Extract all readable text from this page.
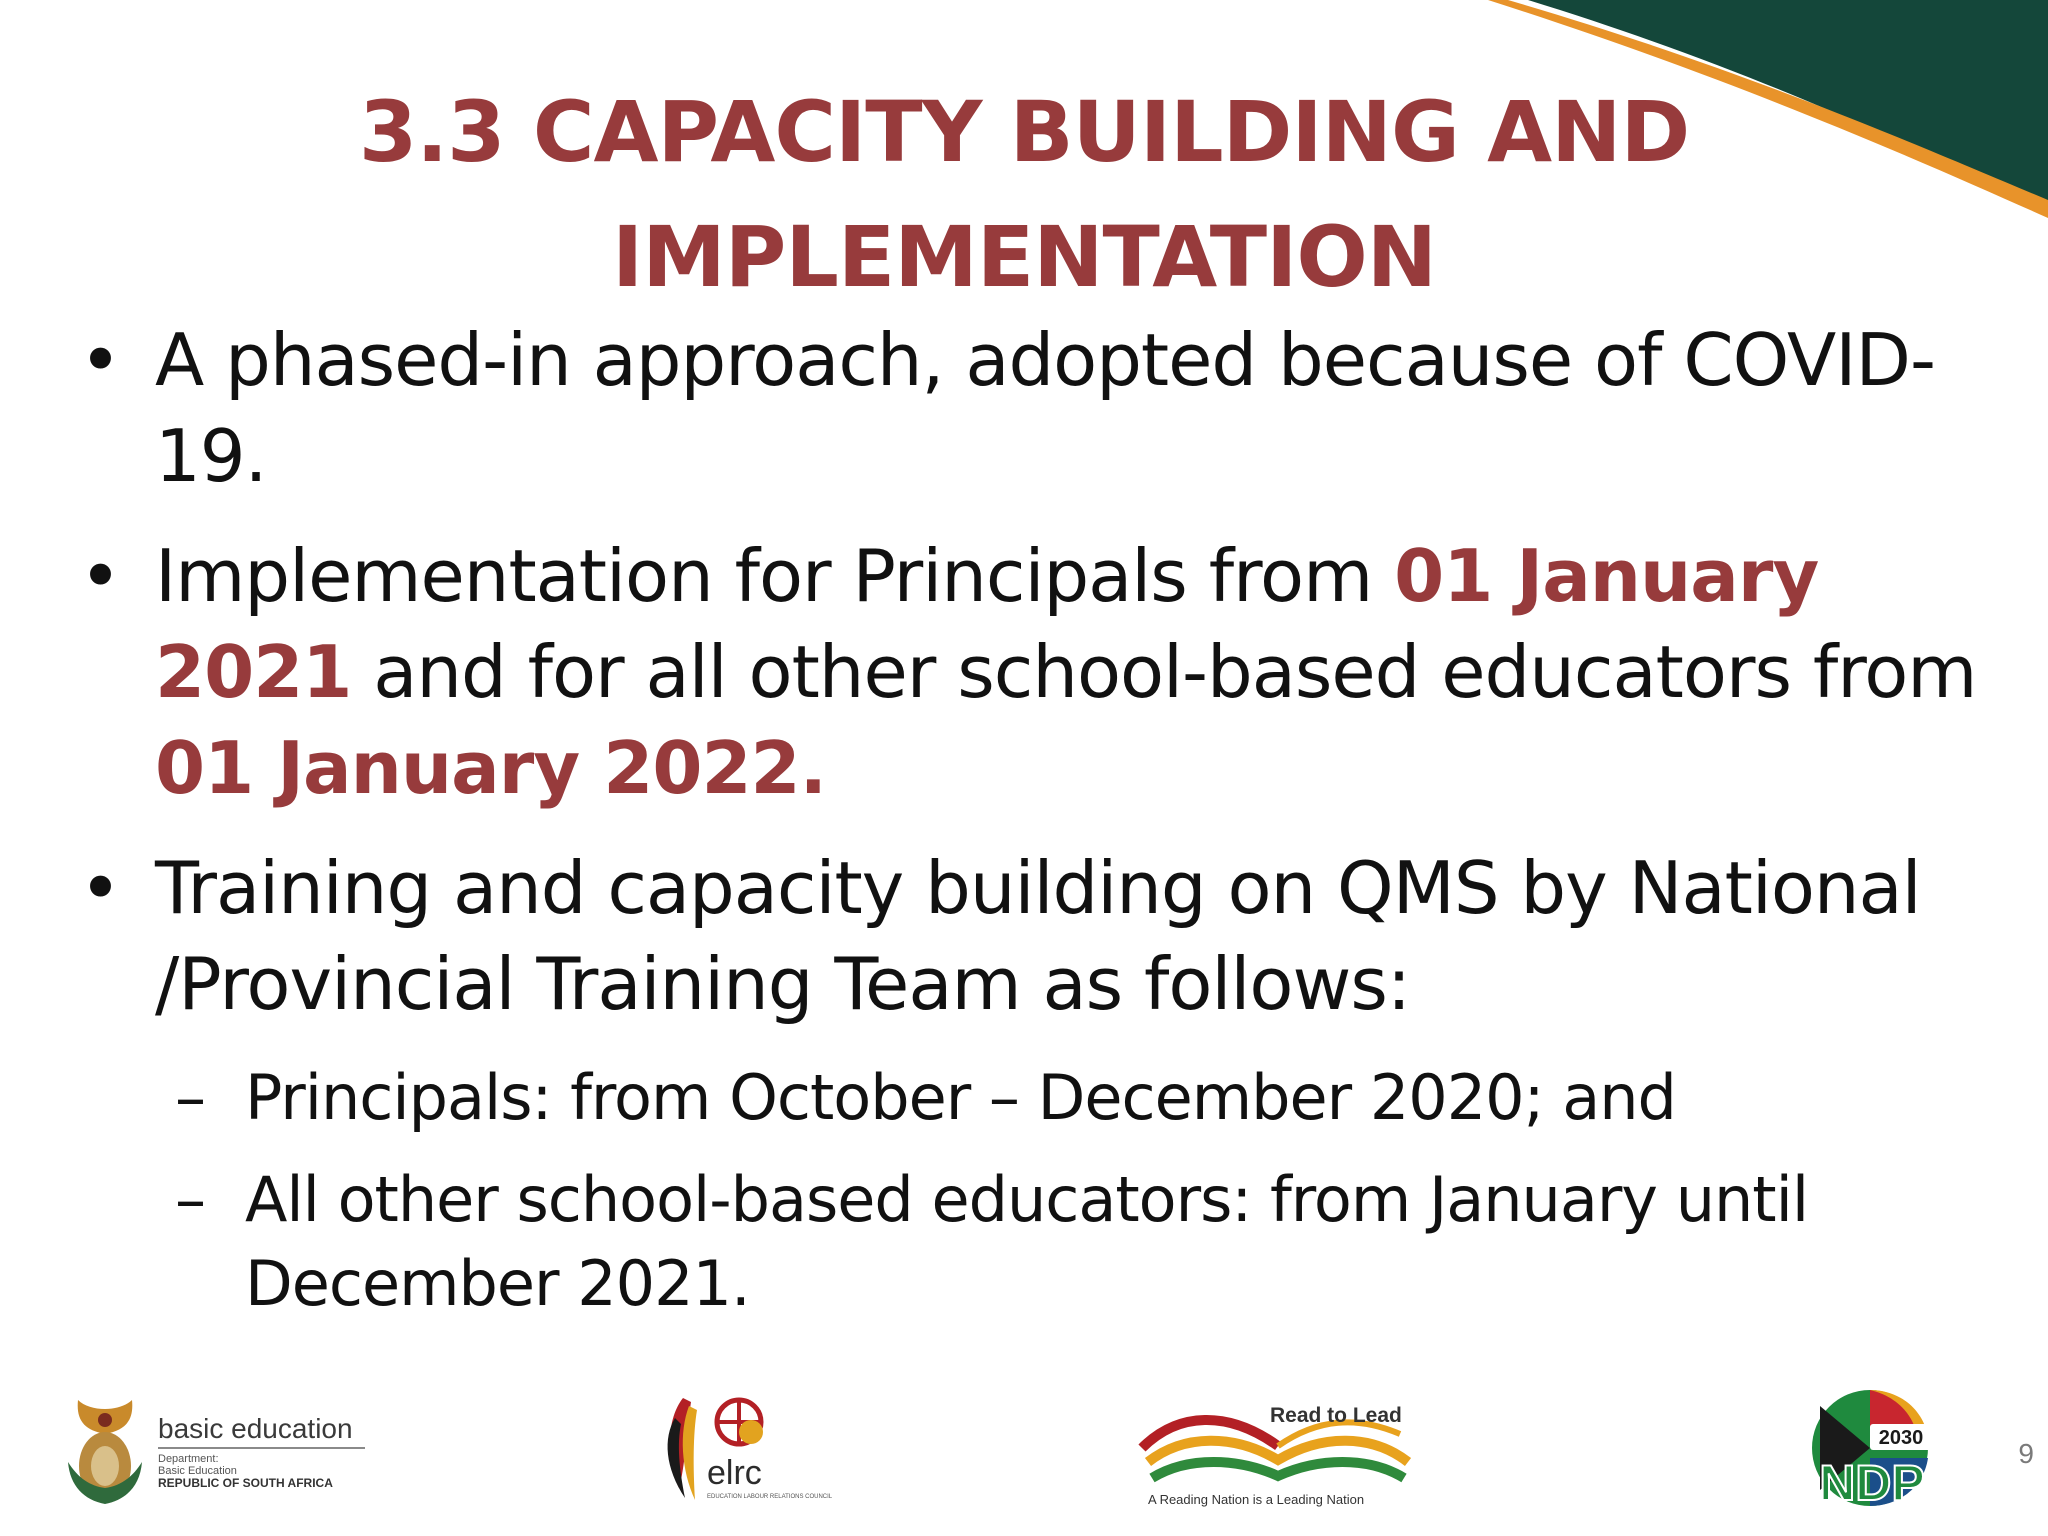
3.3 CAPACITY BUILDING AND
IMPLEMENTATION
• A phased-in approach, adopted because of COVID-19.
• Implementation for Principals from 01 January 2021 and for all other school-based educators from 01 January 2022.
• Training and capacity building on QMS by National /Provincial Training Team as follows:
– Principals: from October – December 2020; and
– All other school-based educators: from January until December 2021.
basic education
Department:
Basic Education
REPUBLIC OF SOUTH AFRICA	elrc
EDUCATION LABOUR RELATIONS COUNCIL
Read to Lead
A Reading Nation is a Leading Nation
2030
NDP
9
